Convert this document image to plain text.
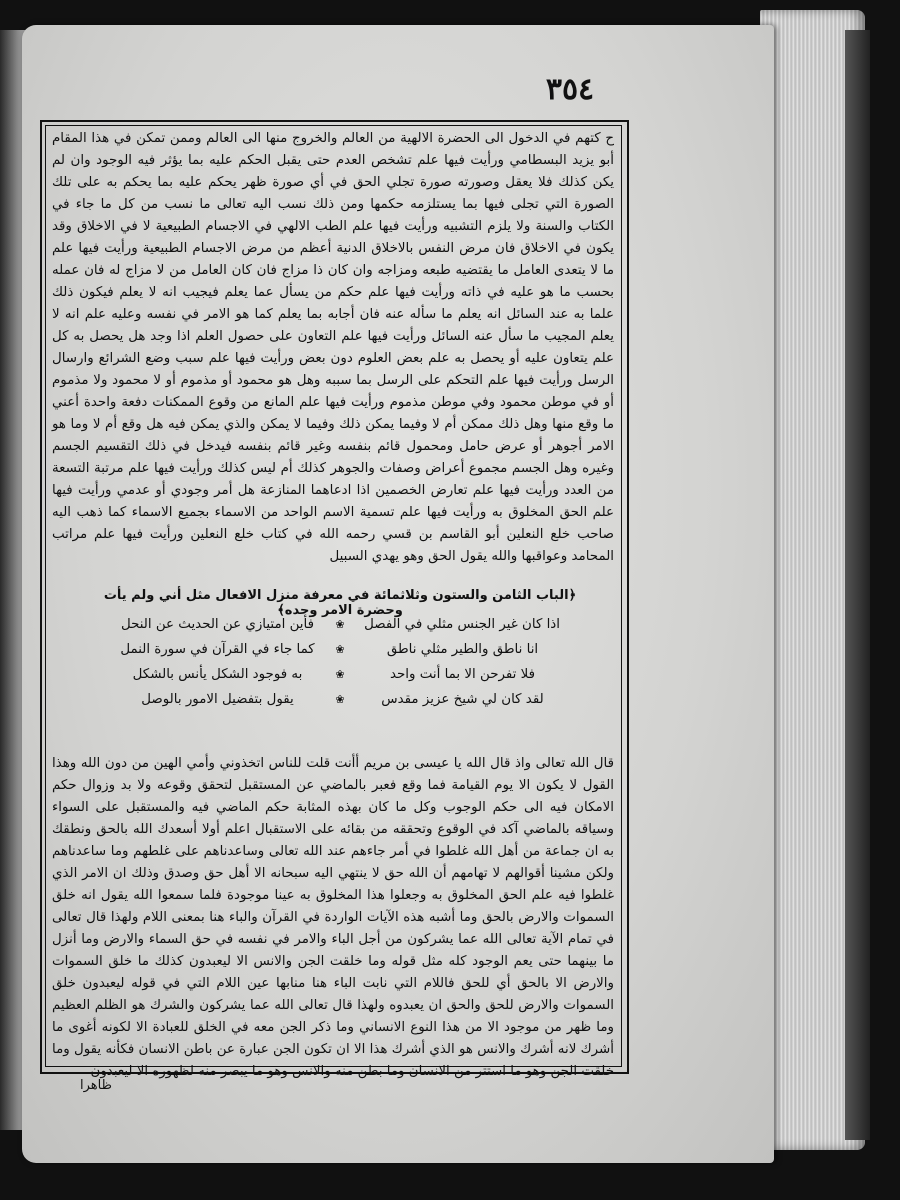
٣٥٤

ح كتهم في الدخول الى الحضرة الالهية من العالم والخروج منها الى العالم وممن تمكن في هذا المقام أبو يزيد البسطامي ورأيت فيها علم تشخص العدم حتى يقبل الحكم عليه بما يؤثر فيه الوجود وان لم يكن كذلك فلا يعقل وصورته صورة تجلي الحق في أي صورة ظهر يحكم عليه بما يحكم به على تلك الصورة التي تجلى فيها بما يستلزمه حكمها ومن ذلك نسب اليه تعالى ما نسب من كل ما جاء في الكتاب والسنة ولا يلزم التشبيه ورأيت فيها علم الطب الالهي في الاجسام الطبيعية لا في الاخلاق وقد يكون في الاخلاق فان مرض النفس بالاخلاق الدنية أعظم من مرض الاجسام الطبيعية ورأيت فيها علم ما لا يتعدى العامل ما يقتضيه طبعه ومزاجه وان كان ذا مزاج فان كان العامل من لا مزاج له فان عمله بحسب ما هو عليه في ذاته ورأيت فيها علم حكم من يسأل عما يعلم فيجيب انه لا يعلم فيكون ذلك علما به عند السائل انه يعلم ما سأله عنه فان أجابه بما يعلم كما هو الامر في نفسه وعليه علم انه لا يعلم المجيب ما سأل عنه السائل ورأيت فيها علم التعاون على حصول العلم اذا وجد هل يحصل به كل علم يتعاون عليه أو يحصل به علم بعض العلوم دون بعض ورأيت فيها علم سبب وضع الشرائع وارسال الرسل ورأيت فيها علم التحكم على الرسل بما سببه وهل هو محمود أو مذموم أو لا محمود ولا مذموم أو في موطن محمود وفي موطن مذموم ورأيت فيها علم المانع من وقوع الممكنات دفعة واحدة أعني ما وقع منها وهل ذلك ممكن أم لا وفيما يمكن ذلك وفيما لا يمكن والذي يمكن فيه هل وقع أم لا وما هو الامر أجوهر أو عرض حامل ومحمول قائم بنفسه وغير قائم بنفسه فيدخل في ذلك التقسيم الجسم وغيره وهل الجسم مجموع أعراض وصفات والجوهر كذلك أم ليس كذلك ورأيت فيها علم مرتبة التسعة من العدد ورأيت فيها علم تعارض الخصمين اذا ادعاهما المنازعة هل أمر وجودي أو عدمي ورأيت فيها علم الحق المخلوق به ورأيت فيها علم تسمية الاسم الواحد من الاسماء بجميع الاسماء كما ذهب اليه صاحب خلع النعلين أبو القاسم بن قسي رحمه الله في كتاب خلع النعلين ورأيت فيها علم مراتب المحامد وعواقبها والله يقول الحق وهو يهدي السبيل

﴿الباب الثامن والستون وثلاثمائة في معرفة منزل الافعال مثل أني ولم يأت وحضرة الامر وحده﴾
اذا كان غير الجنس مثلي في الفصل
❀
فأين امتيازي عن الحديث عن النحل
انا ناطق والطير مثلي ناطق
❀
كما جاء في القرآن في سورة النمل
فلا تفرحن الا بما أنت واحد
❀
به فوجود الشكل يأنس بالشكل
لقد كان لي شيخ عزيز مقدس
❀
يقول بتفضيل الامور بالوصل

قال الله تعالى واذ قال الله يا عيسى بن مريم أأنت قلت للناس اتخذوني وأمي الهين من دون الله وهذا القول لا يكون الا يوم القيامة فما وقع فعبر بالماضي عن المستقبل لتحقق وقوعه ولا بد وزوال حكم الامكان فيه الى حكم الوجوب وكل ما كان بهذه المثابة حكم الماضي فيه والمستقبل على السواء وسياقه بالماضي آكد في الوقوع وتحققه من بقائه على الاستقبال اعلم أولا أسعدك الله بالحق ونطقك به ان جماعة من أهل الله غلطوا في أمر جاءهم عند الله تعالى وساعدناهم على غلطهم وما ساعدناهم ولكن مشينا أقوالهم لا تهامهم أن الله حق لا ينتهي اليه سبحانه الا أهل حق وصدق وذلك ان الامر الذي غلطوا فيه علم الحق المخلوق به وجعلوا هذا المخلوق به عينا موجودة فلما سمعوا الله يقول انه خلق السموات والارض بالحق وما أشبه هذه الآيات الواردة في القرآن والباء هنا بمعنى اللام ولهذا قال تعالى في تمام الآية تعالى الله عما يشركون من أجل الباء والامر في نفسه في حق السماء والارض وما أنزل ما بينهما حتى يعم الوجود كله مثل قوله وما خلقت الجن والانس الا ليعبدون كذلك ما خلق السموات والارض الا بالحق أي للحق فاللام التي نابت الباء هنا منابها عين اللام التي في قوله ليعبدون خلق السموات والارض للحق والحق ان يعبدوه ولهذا قال تعالى الله عما يشركون والشرك هو الظلم العظيم وما ظهر من موجود الا من هذا النوع الانساني وما ذكر الجن معه في الخلق للعبادة الا لكونه أغوى ما أشرك لانه أشرك والانس هو الذي أشرك هذا الا ان تكون الجن عبارة عن باطن الانسان فكأنه يقول وما خلقت الجن وهو ما استتر من الانسان وما بطن منه والانس وهو ما يبصر منه لظهوره الا ليعبدون

ظاهرا
